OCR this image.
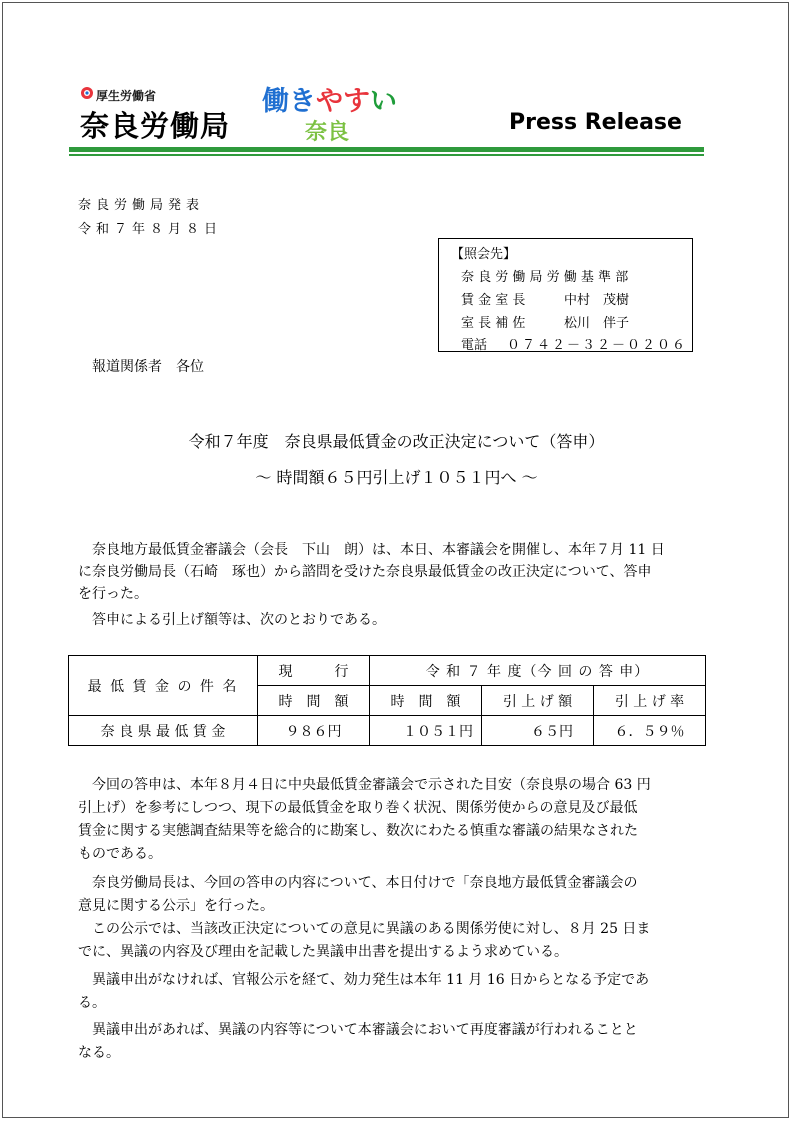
厚生労働省
奈良労働局
働きやすい
奈良	Press Release
奈良労働局発表
令和７年８月８日
【照会先】
奈 良 労 働 局 労 働 基 準 部
賃 金 室 長	中村　茂樹
室 長 補 佐	松川　伴子
電話 ０７４２－３２－０２０６
報道関係者　各位
令和７年度　奈良県最低賃金の改正決定について（答申）
～ 時間額６５円引上げ１０５１円へ ～
奈良地方最低賃金審議会（会長　下山　朗）は、本日、本審議会を開催し、本年７月 11 日
に奈良労働局長（石崎　琢也）から諮問を受けた奈良県最低賃金の改正決定について、答申
を行った。
答申による引上げ額等は、次のとおりである。
最 低 賃 金 の 件 名	現　　　行	令 和 ７ 年 度（今 回 の 答 申）		
	時　間　額	時　間　額	引 上 げ 額	引 上 げ 率
奈 良 県 最 低 賃 金	９８６円	１０５１円	６５円	６．５９％
今回の答申は、本年８月４日に中央最低賃金審議会で示された目安（奈良県の場合 63 円
引上げ）を参考にしつつ、現下の最低賃金を取り巻く状況、関係労使からの意見及び最低
賃金に関する実態調査結果等を総合的に勘案し、数次にわたる慎重な審議の結果なされた
ものである。
奈良労働局長は、今回の答申の内容について、本日付けで「奈良地方最低賃金審議会の
意見に関する公示」を行った。
この公示では、当該改正決定についての意見に異議のある関係労使に対し、８月 25 日ま
でに、異議の内容及び理由を記載した異議申出書を提出するよう求めている。
異議申出がなければ、官報公示を経て、効力発生は本年 11 月 16 日からとなる予定であ
る。
異議申出があれば、異議の内容等について本審議会において再度審議が行われることと
なる。
